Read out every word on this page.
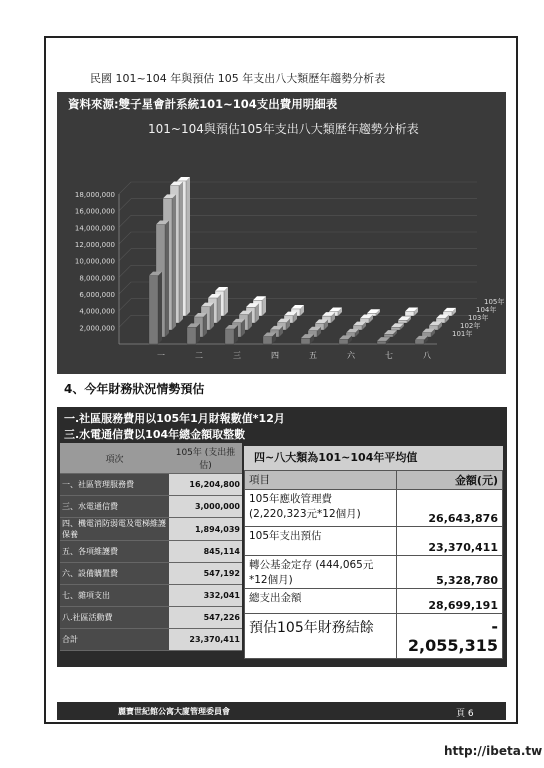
民國 101~104 年與預估 105 年支出八大類歷年趨勢分析表
資料來源:雙子星會計系統101~104支出費用明細表
101~104與預估105年支出八大類歷年趨勢分析表
18,000,000
16,000,000
14,000,000
12,000,000
10,000,000
8,000,000
6,000,000
4,000,000
2,000,000
105年
104年
103年
102年
101年
一	二	三	四	五	六	七	八
4、今年財務狀況情勢預估
一.社區服務費用以105年1月財報數值*12月
三.水電通信費以104年總金額取整數
項次	105年 (支出推估)
一、社區管理服務費	16,204,800
三、水電通信費	3,000,000
四、機電消防弱電及電梯維護保養	1,894,039
五、各項維護費	845,114
六、設備購置費	547,192
七、雜項支出	332,041
八.社區活動費	547,226
合計	23,370,411
四~八大類為101~104年平均值
項目	金額(元)
105年應收管理費 (2,220,323元*12個月)	26,643,876
105年支出預估	23,370,411
轉公基金定存 (444,065元*12個月)	5,328,780
總支出金額	28,699,191
預估105年財務結餘	- 2,055,315
麗寶世紀館公寓大廈管理委員會	頁 6
http://ibeta.tw
